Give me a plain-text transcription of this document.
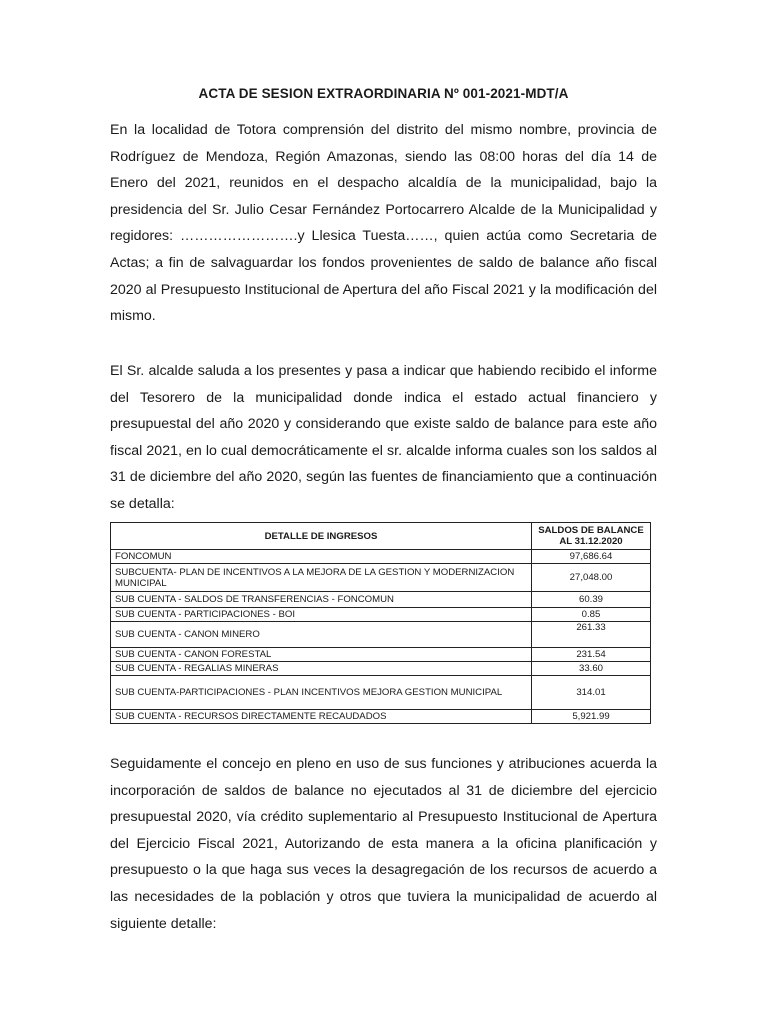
ACTA DE SESION EXTRAORDINARIA Nº 001-2021-MDT/A

En la localidad de Totora comprensión del distrito del mismo nombre, provincia de Rodríguez de Mendoza, Región Amazonas, siendo las 08:00 horas del día 14 de Enero del 2021, reunidos en el despacho alcaldía de la municipalidad, bajo la presidencia del Sr. Julio Cesar Fernández Portocarrero Alcalde de la Municipalidad y regidores: …………………….y Llesica Tuesta……, quien actúa como Secretaria de Actas; a fin de salvaguardar los fondos provenientes de saldo de balance año fiscal 2020 al Presupuesto Institucional de Apertura del año Fiscal 2021 y la modificación del mismo.

El Sr. alcalde saluda a los presentes y pasa a indicar que habiendo recibido el informe del Tesorero de la municipalidad donde indica el estado actual financiero y presupuestal del año 2020 y considerando que existe saldo de balance para este año fiscal 2021, en lo cual democráticamente el sr. alcalde informa cuales son los saldos al 31 de diciembre del año 2020, según las fuentes de financiamiento que a continuación se detalla:

DETALLE DE INGRESOS	SALDOS DE BALANCE
AL 31.12.2020
FONCOMUN	97,686.64
SUBCUENTA- PLAN DE INCENTIVOS A LA MEJORA DE LA GESTION Y MODERNIZACION MUNICIPAL	27,048.00
SUB CUENTA - SALDOS DE TRANSFERENCIAS - FONCOMUN	60.39
SUB CUENTA - PARTICIPACIONES - BOI	0.85
SUB CUENTA - CANON MINERO	261.33
SUB CUENTA - CANON FORESTAL	231.54
SUB CUENTA - REGALIAS MINERAS	33.60
SUB CUENTA-PARTICIPACIONES - PLAN INCENTIVOS MEJORA GESTION MUNICIPAL	314.01
SUB CUENTA - RECURSOS DIRECTAMENTE RECAUDADOS	5,921.99

Seguidamente el concejo en pleno en uso de sus funciones y atribuciones acuerda la incorporación de saldos de balance no ejecutados al 31 de diciembre del ejercicio presupuestal 2020, vía crédito suplementario al Presupuesto Institucional de Apertura del Ejercicio Fiscal 2021, Autorizando de esta manera a la oficina planificación y presupuesto o la que haga sus veces la desagregación de los recursos de acuerdo a las necesidades de la población y otros que tuviera la municipalidad de acuerdo al siguiente detalle:
